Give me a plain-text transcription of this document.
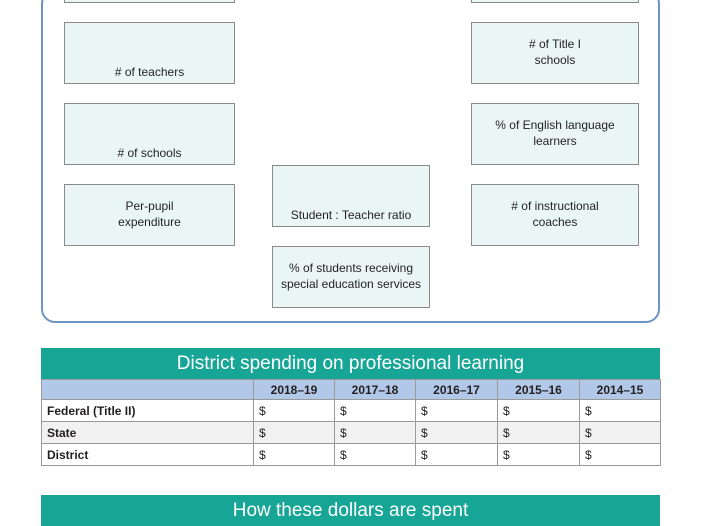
# of teachers
# of schools
Per-pupil
expenditure	Student : Teacher ratio
% of students receiving
special education services
# of Title I
schools
% of English language
learners
# of instructional
coaches
District spending on professional learning
	2018–19	2017–18	2016–17	2015–16	2014–15
Federal (Title II)	$	$	$	$	$
State	$	$	$	$	$
District	$	$	$	$	$
How these dollars are spent
